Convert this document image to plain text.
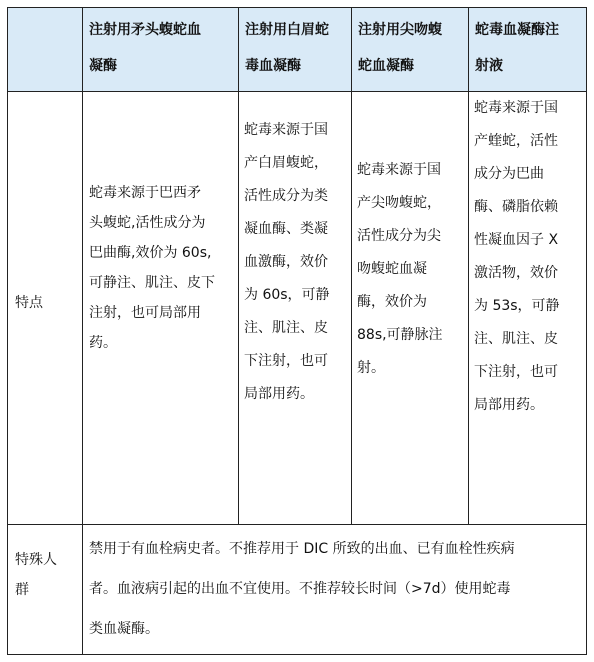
注射用矛头蝮蛇血
凝酶
注射用白眉蛇
毒血凝酶
注射用尖吻蝮
蛇血凝酶
蛇毒血凝酶注
射液
特点
蛇毒来源于巴西矛
头蝮蛇,活性成分为
巴曲酶,效价为 60s,
可静注、肌注、皮下
注射，也可局部用
药。
蛇毒来源于国
产白眉蝮蛇，
活性成分为类
凝血酶、类凝
血激酶，效价
为 60s，可静
注、肌注、皮
下注射，也可
局部用药。
蛇毒来源于国
产尖吻蝮蛇，
活性成分为尖
吻蝮蛇血凝
酶，效价为
88s,可静脉注
射。
蛇毒来源于国
产蝰蛇，活性
成分为巴曲
酶、磷脂依赖
性凝血因子 X
激活物，效价
为 53s，可静
注、肌注、皮
下注射，也可
局部用药。
特殊人
群
禁用于有血栓病史者。不推荐用于 DIC 所致的出血、已有血栓性疾病
者。血液病引起的出血不宜使用。不推荐较长时间（>7d）使用蛇毒
类血凝酶。
